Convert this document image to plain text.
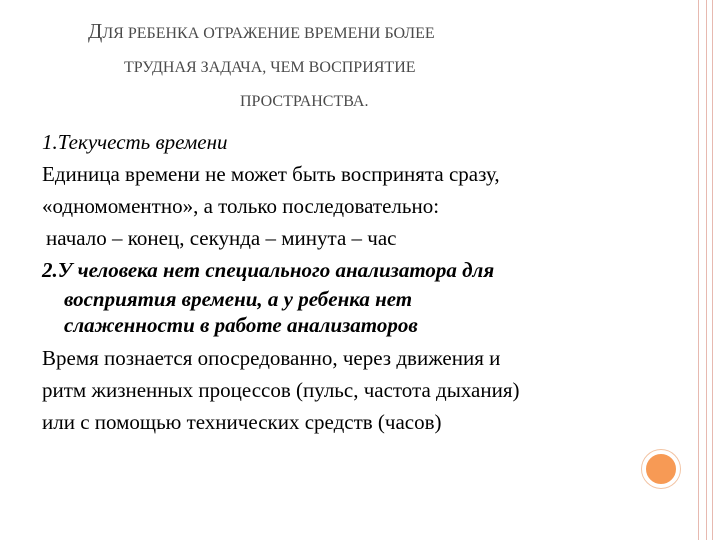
ДЛЯ РЕБЕНКА ОТРАЖЕНИЕ ВРЕМЕНИ БОЛЕЕ
ТРУДНАЯ ЗАДАЧА, ЧЕМ ВОСПРИЯТИЕ
ПРОСТРАНСТВА.
1.Текучесть времени
Единица времени не может быть воспринята сразу,
«одномоментно», а только последовательно:
начало – конец, секунда – минута – час
2.У человека нет специального анализатора для
восприятия времени, а у ребенка нет
слаженности в работе анализаторов
Время познается опосредованно, через движения и
ритм жизненных процессов (пульс, частота дыхания)
или с помощью технических средств (часов)
